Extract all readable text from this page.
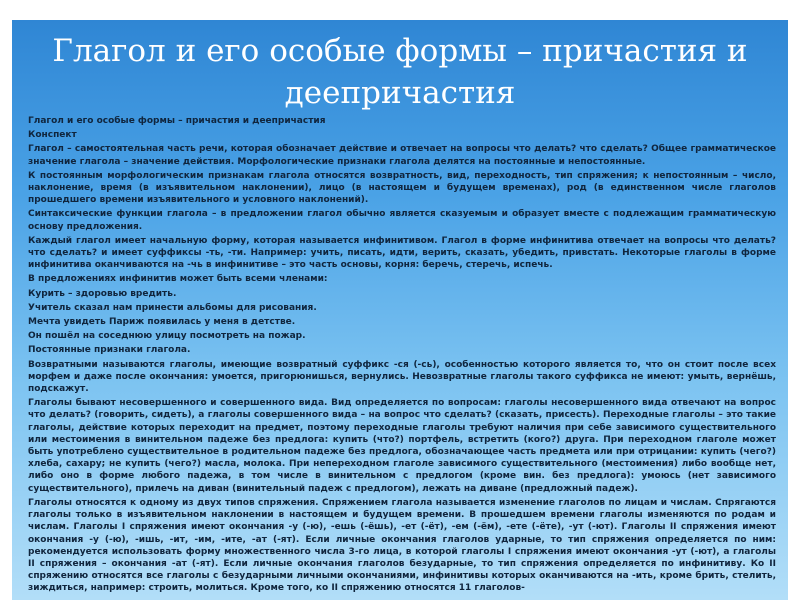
Глагол и его особые формы – причастия и деепричастия

Глагол и его особые формы – причастия и деепричастия

Конспект

Глагол – самостоятельная часть речи, которая обозначает действие и отвечает на вопросы что делать? что сделать? Общее грамматическое значение глагола – значение действия. Морфологические признаки глагола делятся на постоянные и непостоянные.

К постоянным морфологическим признакам глагола относятся возвратность, вид, переходность, тип спряжения; к непостоянным – число, наклонение, время (в изъявительном наклонении), лицо (в настоящем и будущем временах), род (в единственном числе глаголов прошедшего времени изъявительного и условного наклонений).

Синтаксические функции глагола – в предложении глагол обычно является сказуемым и образует вместе с подлежащим грамматическую основу предложения.

Каждый глагол имеет начальную форму, которая называется инфинитивом. Глагол в форме инфинитива отвечает на вопросы что делать? что сделать? и имеет суффиксы -ть, -ти. Например: учить, писать, идти, верить, сказать, убедить, привстать. Некоторые глаголы в форме инфинитива оканчиваются на -чь в инфинитиве – это часть основы, корня: беречь, стеречь, испечь.

В предложениях инфинитив может быть всеми членами:

Курить – здоровью вредить.

Учитель сказал нам принести альбомы для рисования.

Мечта увидеть Париж появилась у меня в детстве.

Он пошёл на соседнюю улицу посмотреть на пожар.

Постоянные признаки глагола.

Возвратными называются глаголы, имеющие возвратный суффикс -ся (-сь), особенностью которого является то, что он стоит после всех морфем и даже после окончания: умоется, пригорюнишься, вернулись. Невозвратные глаголы такого суффикса не имеют: умыть, вернёшь, подскажут.

Глаголы бывают несовершенного и совершенного вида. Вид определяется по вопросам: глаголы несовершенного вида отвечают на вопрос что делать? (говорить, сидеть), а глаголы совершенного вида – на вопрос что сделать? (сказать, присесть). Переходные глаголы – это такие глаголы, действие которых переходит на предмет, поэтому переходные глаголы требуют наличия при себе зависимого существительного или местоимения в винительном падеже без предлога: купить (что?) портфель, встретить (кого?) друга. При переходном глаголе может быть употреблено существительное в родительном падеже без предлога, обозначающее часть предмета или при отрицании: купить (чего?) хлеба, сахару; не купить (чего?) масла, молока. При непереходном глаголе зависимого существительного (местоимения) либо вообще нет, либо оно в форме любого падежа, в том числе в винительном с предлогом (кроме вин. без предлога): умоюсь (нет зависимого существительного), прилечь на диван (винительный падеж с предлогом), лежать на диване (предложный падеж).

Глаголы относятся к одному из двух типов спряжения. Спряжением глагола называется изменение глаголов по лицам и числам. Спрягаются глаголы только в изъявительном наклонении в настоящем и будущем времени. В прошедшем времени глаголы изменяются по родам и числам. Глаголы I спряжения имеют окончания -у (-ю), -ешь (-ёшь), -ет (-ёт), -ем (-ём), -ете (-ёте), -ут (-ют). Глаголы II спряжения имеют окончания -у (-ю), -ишь, -ит, -им, -ите, -ат (-ят). Если личные окончания глаголов ударные, то тип спряжения определяется по ним: рекомендуется использовать форму множественного числа 3-го лица, в которой глаголы I спряжения имеют окончания -ут (-ют), а глаголы II спряжения – окончания -ат (-ят). Если личные окончания глаголов безударные, то тип спряжения определяется по инфинитиву. Ко II спряжению относятся все глаголы с безударными личными окончаниями, инфинитивы которых оканчиваются на -ить, кроме брить, стелить, зиждиться, например: строить, молиться. Кроме того, ко II спряжению относятся 11 глаголов-
